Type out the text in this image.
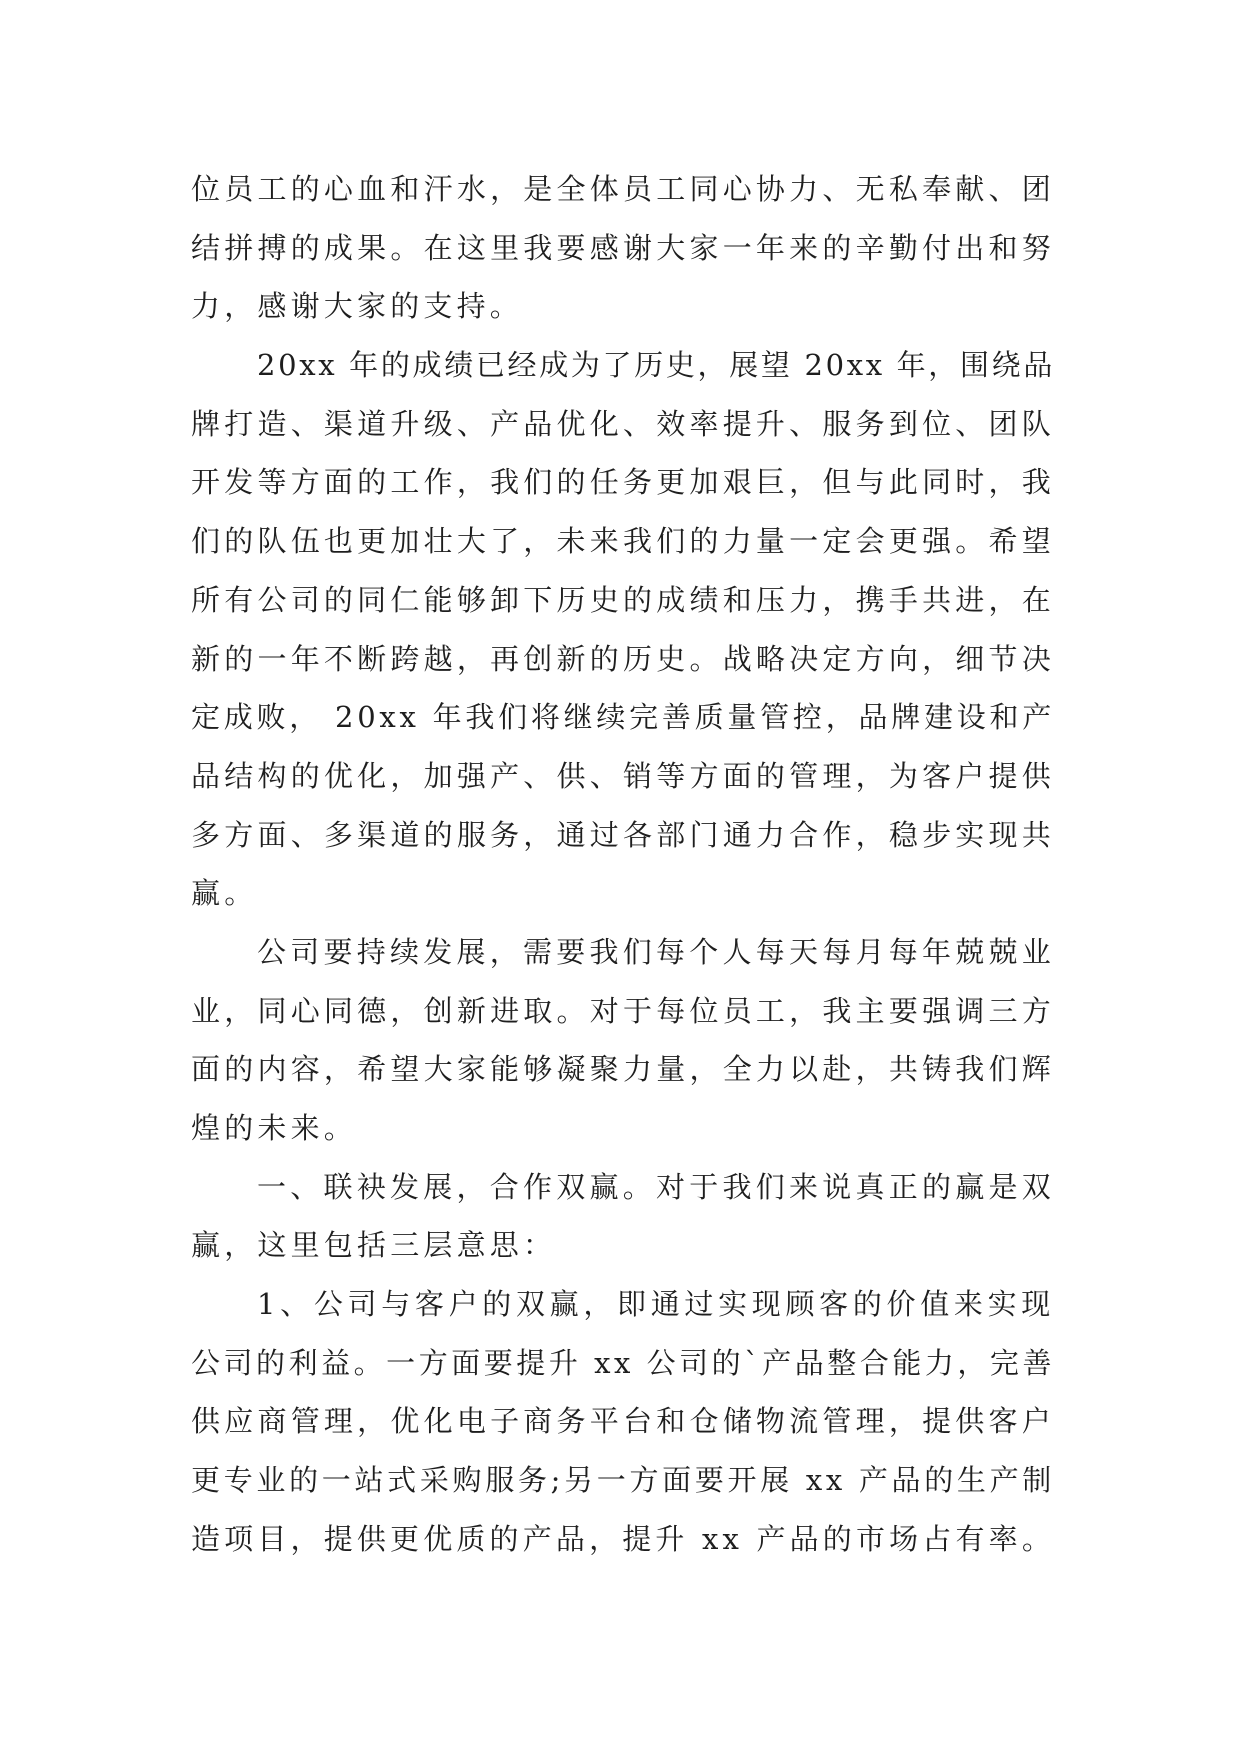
位员工的心血和汗水，是全体员工同心协力、无私奉献、团
结拼搏的成果。在这里我要感谢大家一年来的辛勤付出和努
力，感谢大家的支持。
20xx 年的成绩已经成为了历史，展望 20xx 年，围绕品
牌打造、渠道升级、产品优化、效率提升、服务到位、团队
开发等方面的工作，我们的任务更加艰巨，但与此同时，我
们的队伍也更加壮大了，未来我们的力量一定会更强。希望
所有公司的同仁能够卸下历史的成绩和压力，携手共进，在
新的一年不断跨越，再创新的历史。战略决定方向，细节决
定成败， 20xx 年我们将继续完善质量管控，品牌建设和产
品结构的优化，加强产、供、销等方面的管理，为客户提供
多方面、多渠道的服务，通过各部门通力合作，稳步实现共
赢。
公司要持续发展，需要我们每个人每天每月每年兢兢业
业，同心同德，创新进取。对于每位员工，我主要强调三方
面的内容，希望大家能够凝聚力量，全力以赴，共铸我们辉
煌的未来。
一、联袂发展，合作双赢。对于我们来说真正的赢是双
赢，这里包括三层意思：
1、公司与客户的双赢，即通过实现顾客的价值来实现
公司的利益。一方面要提升 xx 公司的`产品整合能力，完善
供应商管理，优化电子商务平台和仓储物流管理，提供客户
更专业的一站式采购服务;另一方面要开展 xx 产品的生产制
造项目，提供更优质的产品，提升 xx 产品的市场占有率。
